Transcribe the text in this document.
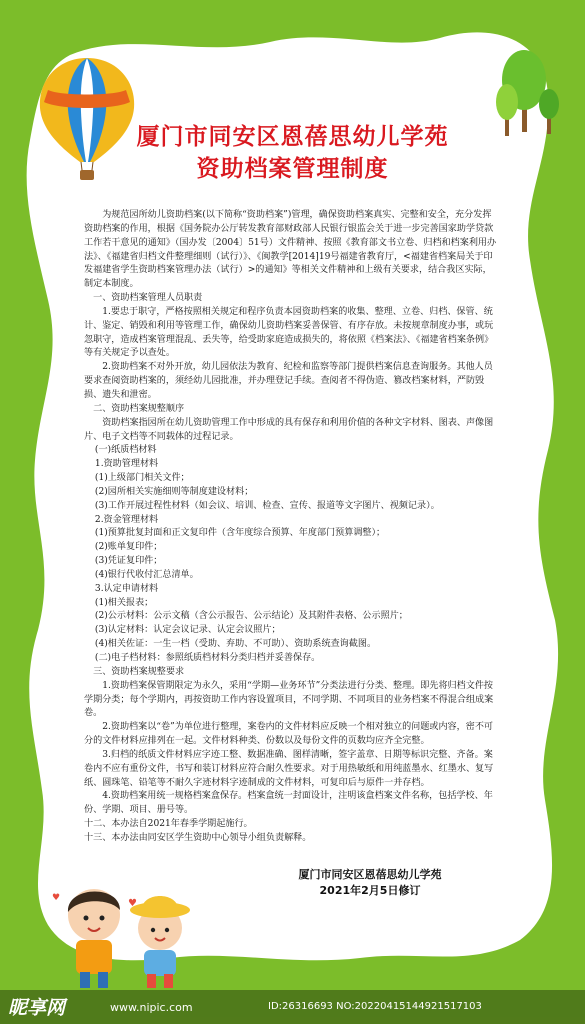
♥
♥
厦门市同安区恩蓓思幼儿学苑
资助档案管理制度

为规范园所幼儿资助档案(以下简称“资助档案”)管理，确保资助档案真实、完整和安全，充分发挥资助档案的作用，根据《国务院办公厅转发教育部财政部人民银行银监会关于进一步完善国家助学贷款工作若干意见的通知》（国办发〔2004〕51号）文件精神、按照《教育部文书立卷、归档和档案利用办法》、《福建省归档文件整理细则（试行）》、《闽教学[2014]19号福建省教育厅，<福建省档案局关于印发福建省学生资助档案管理办法（试行）>的通知》等相关文件精神和上级有关要求，结合我区实际，制定本制度。

一、资助档案管理人员职责

1.要忠于职守，严格按照相关规定和程序负责本园资助档案的收集、整理、立卷、归档、保管、统计、鉴定、销毁和利用等管理工作，确保幼儿资助档案妥善保管、有序存放。未按规章制度办事，或玩忽职守，造成档案管理混乱、丢失等，给受助家庭造成损失的，将依照《档案法》、《福建省档案条例》等有关规定予以查处。

2.资助档案不对外开放，幼儿园依法为教育、纪检和监察等部门提供档案信息查询服务。其他人员要求查阅资助档案的，须经幼儿园批准，并办理登记手续。查阅者不得伪造、篡改档案材料，严防毁损、遗失和泄密。

二、资助档案规整顺序

资助档案指园所在幼儿资助管理工作中形成的具有保存和利用价值的各种文字材料、图表、声像图片、电子文档等不同载体的过程记录。

(一)纸质档材料

1.资助管理材料

(1)上级部门相关文件；

(2)园所相关实施细则等制度建设材料；

(3)工作开展过程性材料（如会议、培训、检查、宣传、报道等文字图片、视频记录）。

2.资金管理材料

(1)预算批复封面和正文复印件（含年度综合预算、年度部门预算调整）；

(2)账单复印件；

(3)凭证复印件；

(4)银行代收付汇总清单。

3.认定申请材料

(1)相关报表；

(2)公示材料：公示文稿（含公示报告、公示结论）及其附件表格、公示照片；

(3)认定材料：认定会议记录、认定会议照片；

(4)相关佐证：一生一档（受助、弃助、不可助）、资助系统查询截图。

(二)电子档材料：参照纸质档材料分类归档并妥善保存。

三、资助档案规整要求

1.资助档案保管期限定为永久，采用“学期—业务环节”分类法进行分类、整理。即先将归档文件按学期分类；每个学期内，再按资助工作内容设置项目，不同学期、不同项目的业务档案不得混合组成案卷。

2.资助档案以“卷”为单位进行整理，案卷内的文件材料应反映一个相对独立的问题或内容，密不可分的文件材料应排列在一起。文件材料种类、份数以及每份文件的页数均应齐全完整。

3.归档的纸质文件材料应字迹工整、数据准确、图样清晰，签字盖章、日期等标识完整、齐备。案卷内不应有重份文件，书写和装订材料应符合耐久性要求。对于用热敏纸和用纯蓝墨水、红墨水、复写纸、圆珠笔、铅笔等不耐久字迹材料字迹制成的文件材料，可复印后与原件一并存档。

4.资助档案用统一规格档案盒保存。档案盒统一封面设计，注明该盒档案文件名称，包括学校、年份、学期、项目、册号等。

十二、本办法自2021年春季学期起施行。

十三、本办法由同安区学生资助中心领导小组负责解释。

厦门市同安区恩蓓思幼儿学苑
2021年2月5日修订
昵享网	www.nipic.com	ID:26316693 NO:20220415144921517103
